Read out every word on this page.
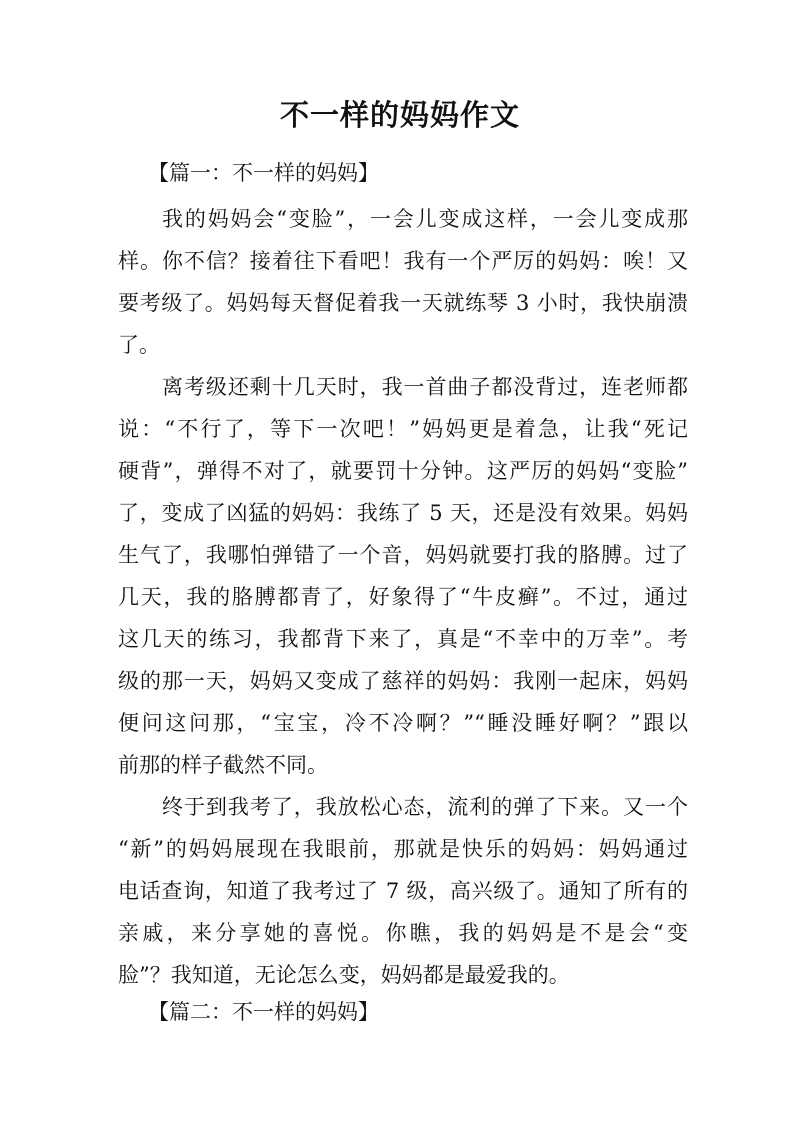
不一样的妈妈作文
【篇一：不一样的妈妈】
我的妈妈会“变脸”，一会儿变成这样，一会儿变成那
样。你不信？接着往下看吧！我有一个严厉的妈妈：唉！又
要考级了。妈妈每天督促着我一天就练琴 3 小时，我快崩溃
了。
离考级还剩十几天时，我一首曲子都没背过，连老师都
说：“不行了，等下一次吧！”妈妈更是着急，让我“死记
硬背”，弹得不对了，就要罚十分钟。这严厉的妈妈“变脸”
了，变成了凶猛的妈妈：我练了 5 天，还是没有效果。妈妈
生气了，我哪怕弹错了一个音，妈妈就要打我的胳膊。过了
几天，我的胳膊都青了，好象得了“牛皮癣”。不过，通过
这几天的练习，我都背下来了，真是“不幸中的万幸”。考
级的那一天，妈妈又变成了慈祥的妈妈：我刚一起床，妈妈
便问这问那，“宝宝，冷不冷啊？”“睡没睡好啊？”跟以
前那的样子截然不同。
终于到我考了，我放松心态，流利的弹了下来。又一个
“新”的妈妈展现在我眼前，那就是快乐的妈妈：妈妈通过
电话查询，知道了我考过了 7 级，高兴级了。通知了所有的
亲戚，来分享她的喜悦。你瞧，我的妈妈是不是会“变
脸”？我知道，无论怎么变，妈妈都是最爱我的。
【篇二：不一样的妈妈】
